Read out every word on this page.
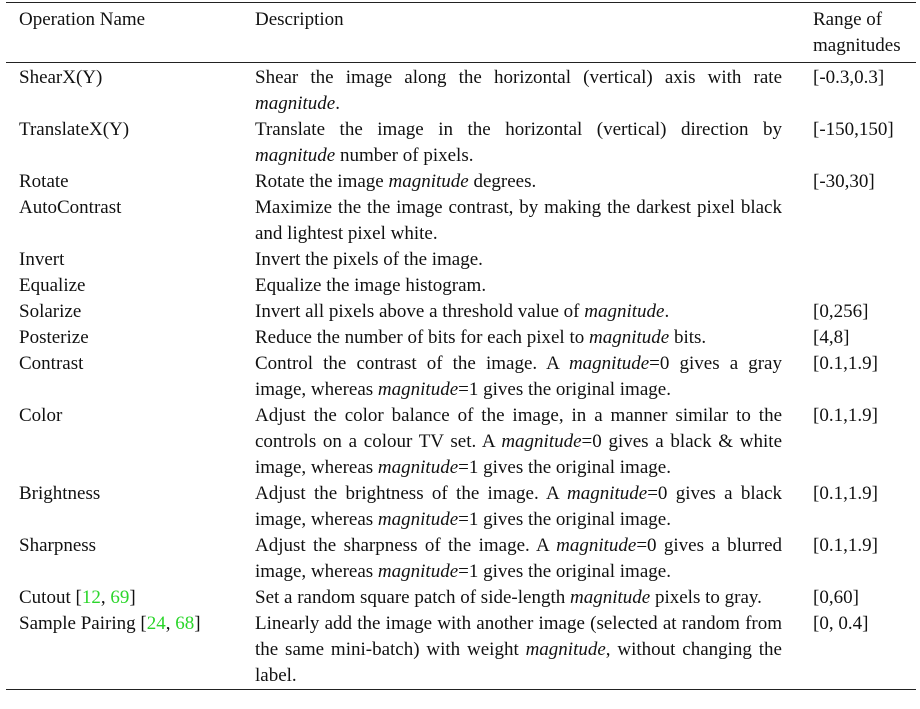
Operation Name	Description	Range of magnitudes
ShearX(Y)	Shear the image along the horizontal (vertical) axis with rate magnitude.	[-0.3,0.3]
TranslateX(Y)	Translate the image in the horizontal (vertical) direction by magnitude number of pixels.	[-150,150]
Rotate	Rotate the image magnitude degrees.	[-30,30]
AutoContrast	Maximize the the image contrast, by making the darkest pixel black and lightest pixel white.	
Invert	Invert the pixels of the image.	
Equalize	Equalize the image histogram.	
Solarize	Invert all pixels above a threshold value of magnitude.	[0,256]
Posterize	Reduce the number of bits for each pixel to magnitude bits.	[4,8]
Contrast	Control the contrast of the image. A magnitude=0 gives a gray image, whereas magnitude=1 gives the original image.	[0.1,1.9]
Color	Adjust the color balance of the image, in a manner similar to the controls on a colour TV set. A magnitude=0 gives a black & white image, whereas magnitude=1 gives the original image.	[0.1,1.9]
Brightness	Adjust the brightness of the image. A magnitude=0 gives a black image, whereas magnitude=1 gives the original image.	[0.1,1.9]
Sharpness	Adjust the sharpness of the image. A magnitude=0 gives a blurred image, whereas magnitude=1 gives the original image.	[0.1,1.9]
Cutout [12, 69]	Set a random square patch of side-length magnitude pixels to gray.	[0,60]
Sample Pairing [24, 68]	Linearly add the image with another image (selected at random from the same mini-batch) with weight magnitude, without changing the label.	[0, 0.4]
